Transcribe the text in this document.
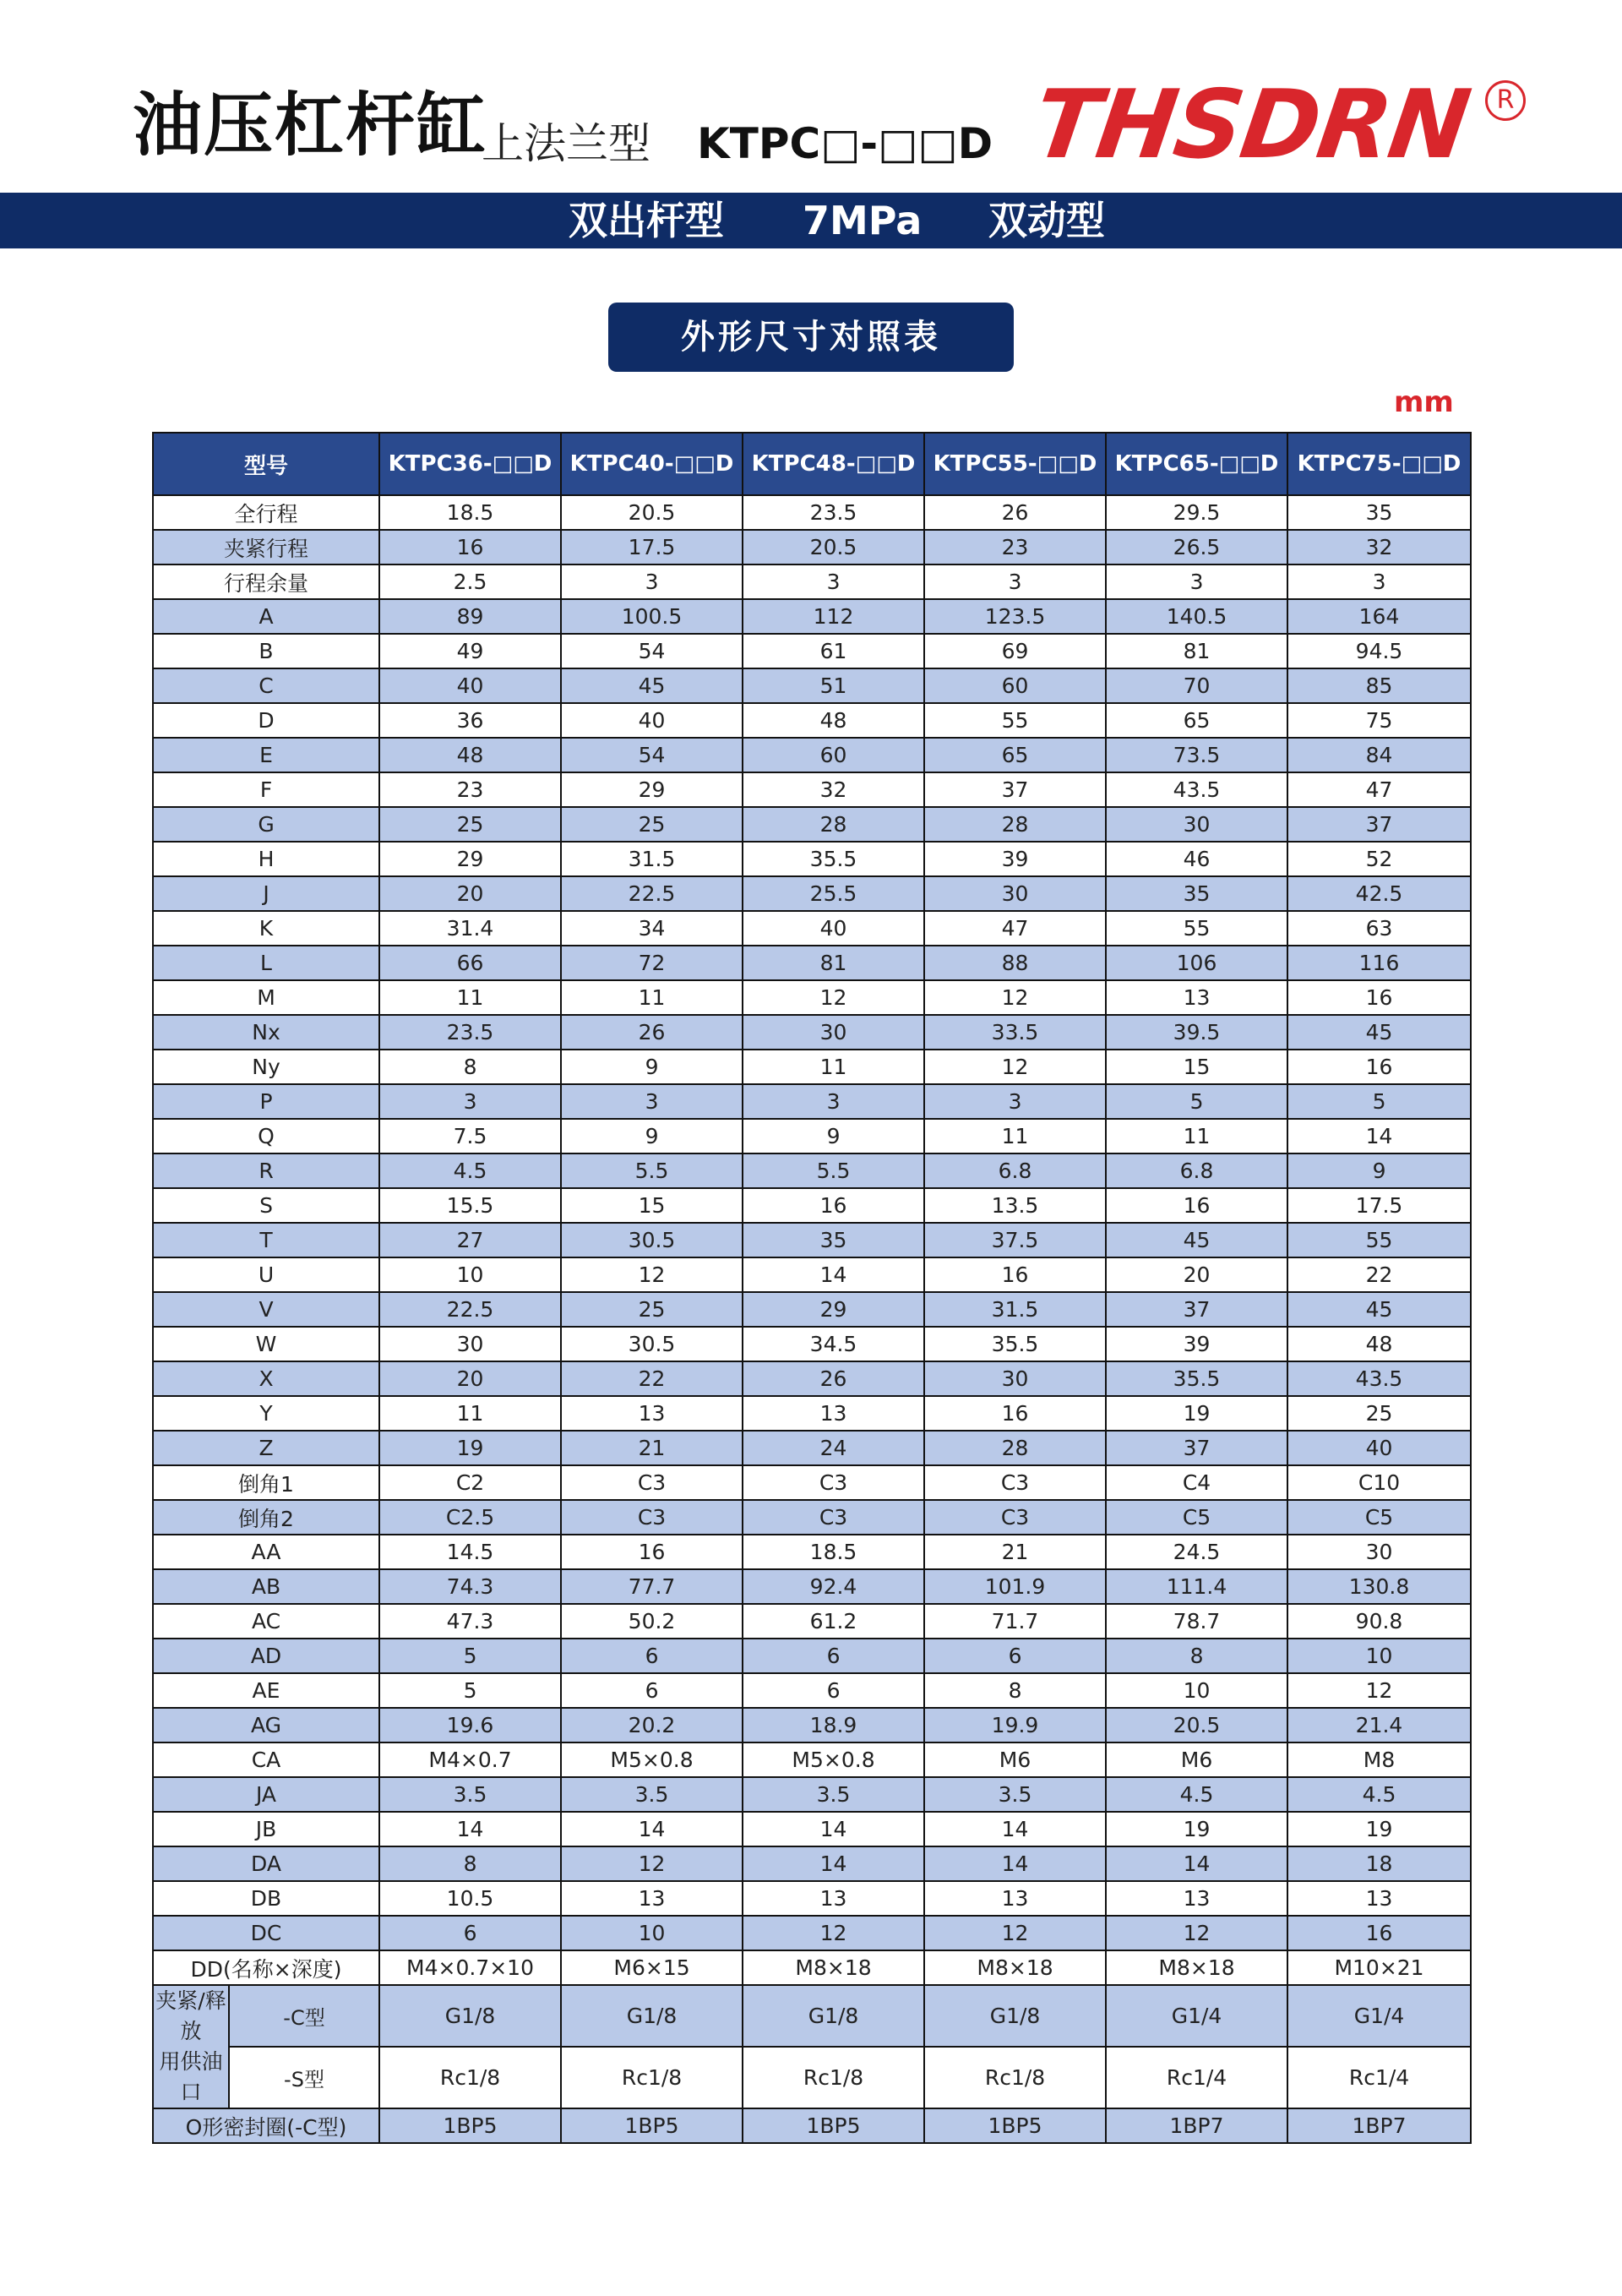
油压杠杆缸
上法兰型 KTPC□-□□D THSDRN R
双出杆型 7MPa 双动型
外形尺寸对照表
mm
型号		KTPC36-□□D	KTPC40-□□D	KTPC48-□□D	KTPC55-□□D	KTPC65-□□D	KTPC75-□□D
全行程		18.5	20.5	23.5	26	29.5	35
夹紧行程		16	17.5	20.5	23	26.5	32
行程余量		2.5	3	3	3	3	3
A		89	100.5	112	123.5	140.5	164
B		49	54	61	69	81	94.5
C		40	45	51	60	70	85
D		36	40	48	55	65	75
E		48	54	60	65	73.5	84
F		23	29	32	37	43.5	47
G		25	25	28	28	30	37
H		29	31.5	35.5	39	46	52
J		20	22.5	25.5	30	35	42.5
K		31.4	34	40	47	55	63
L		66	72	81	88	106	116
M		11	11	12	12	13	16
Nx		23.5	26	30	33.5	39.5	45
Ny		8	9	11	12	15	16
P		3	3	3	3	5	5
Q		7.5	9	9	11	11	14
R		4.5	5.5	5.5	6.8	6.8	9
S		15.5	15	16	13.5	16	17.5
T		27	30.5	35	37.5	45	55
U		10	12	14	16	20	22
V		22.5	25	29	31.5	37	45
W		30	30.5	34.5	35.5	39	48
X		20	22	26	30	35.5	43.5
Y		11	13	13	16	19	25
Z		19	21	24	28	37	40
倒角1		C2	C3	C3	C3	C4	C10
倒角2		C2.5	C3	C3	C3	C5	C5
AA		14.5	16	18.5	21	24.5	30
AB		74.3	77.7	92.4	101.9	111.4	130.8
AC		47.3	50.2	61.2	71.7	78.7	90.8
AD		5	6	6	6	8	10
AE		5	6	6	8	10	12
AG		19.6	20.2	18.9	19.9	20.5	21.4
CA		M4×0.7	M5×0.8	M5×0.8	M6	M6	M8
JA		3.5	3.5	3.5	3.5	4.5	4.5
JB		14	14	14	14	19	19
DA		8	12	14	14	14	18
DB		10.5	13	13	13	13	13
DC		6	10	12	12	12	16
DD(名称×深度)		M4×0.7×10	M6×15	M8×18	M8×18	M8×18	M10×21
夹紧/释放
用供油口	-C型	G1/8	G1/8	G1/8	G1/8	G1/4	G1/4
	-S型	Rc1/8	Rc1/8	Rc1/8	Rc1/8	Rc1/4	Rc1/4
O形密封圈(-C型)		1BP5	1BP5	1BP5	1BP5	1BP7	1BP7
